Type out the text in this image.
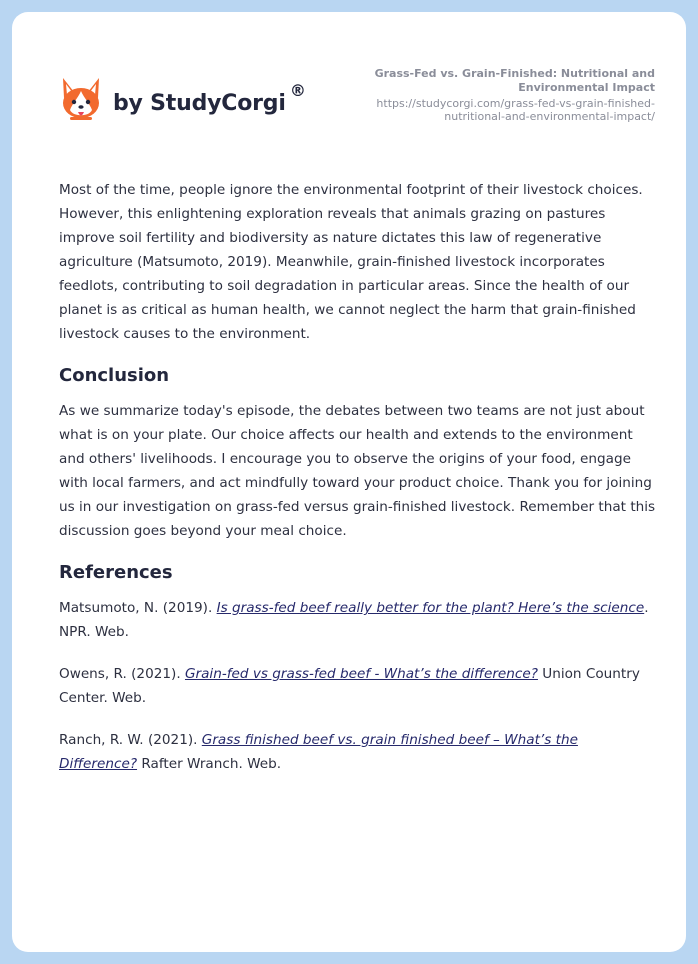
by StudyCorgi
®
Grass-Fed vs. Grain-Finished: Nutritional and Environmental Impact
https://studycorgi.com/grass-fed-vs-grain-finished-nutritional-and-environmental-impact/

Most of the time, people ignore the environmental footprint of their livestock choices. However, this enlightening exploration reveals that animals grazing on pastures improve soil fertility and biodiversity as nature dictates this law of regenerative agriculture (Matsumoto, 2019). Meanwhile, grain-finished livestock incorporates feedlots, contributing to soil degradation in particular areas. Since the health of our planet is as critical as human health, we cannot neglect the harm that grain-finished livestock causes to the environment.

Conclusion

As we summarize today's episode, the debates between two teams are not just about what is on your plate. Our choice affects our health and extends to the environment and others' livelihoods. I encourage you to observe the origins of your food, engage with local farmers, and act mindfully toward your product choice. Thank you for joining us in our investigation on grass-fed versus grain-finished livestock. Remember that this discussion goes beyond your meal choice.

References

Matsumoto, N. (2019). Is grass-fed beef really better for the plant? Here’s the science. NPR. Web.

Owens, R. (2021). Grain-fed vs grass-fed beef - What’s the difference? Union Country Center. Web.

Ranch, R. W. (2021). Grass finished beef vs. grain finished beef – What’s the Difference? Rafter Wranch. Web.
